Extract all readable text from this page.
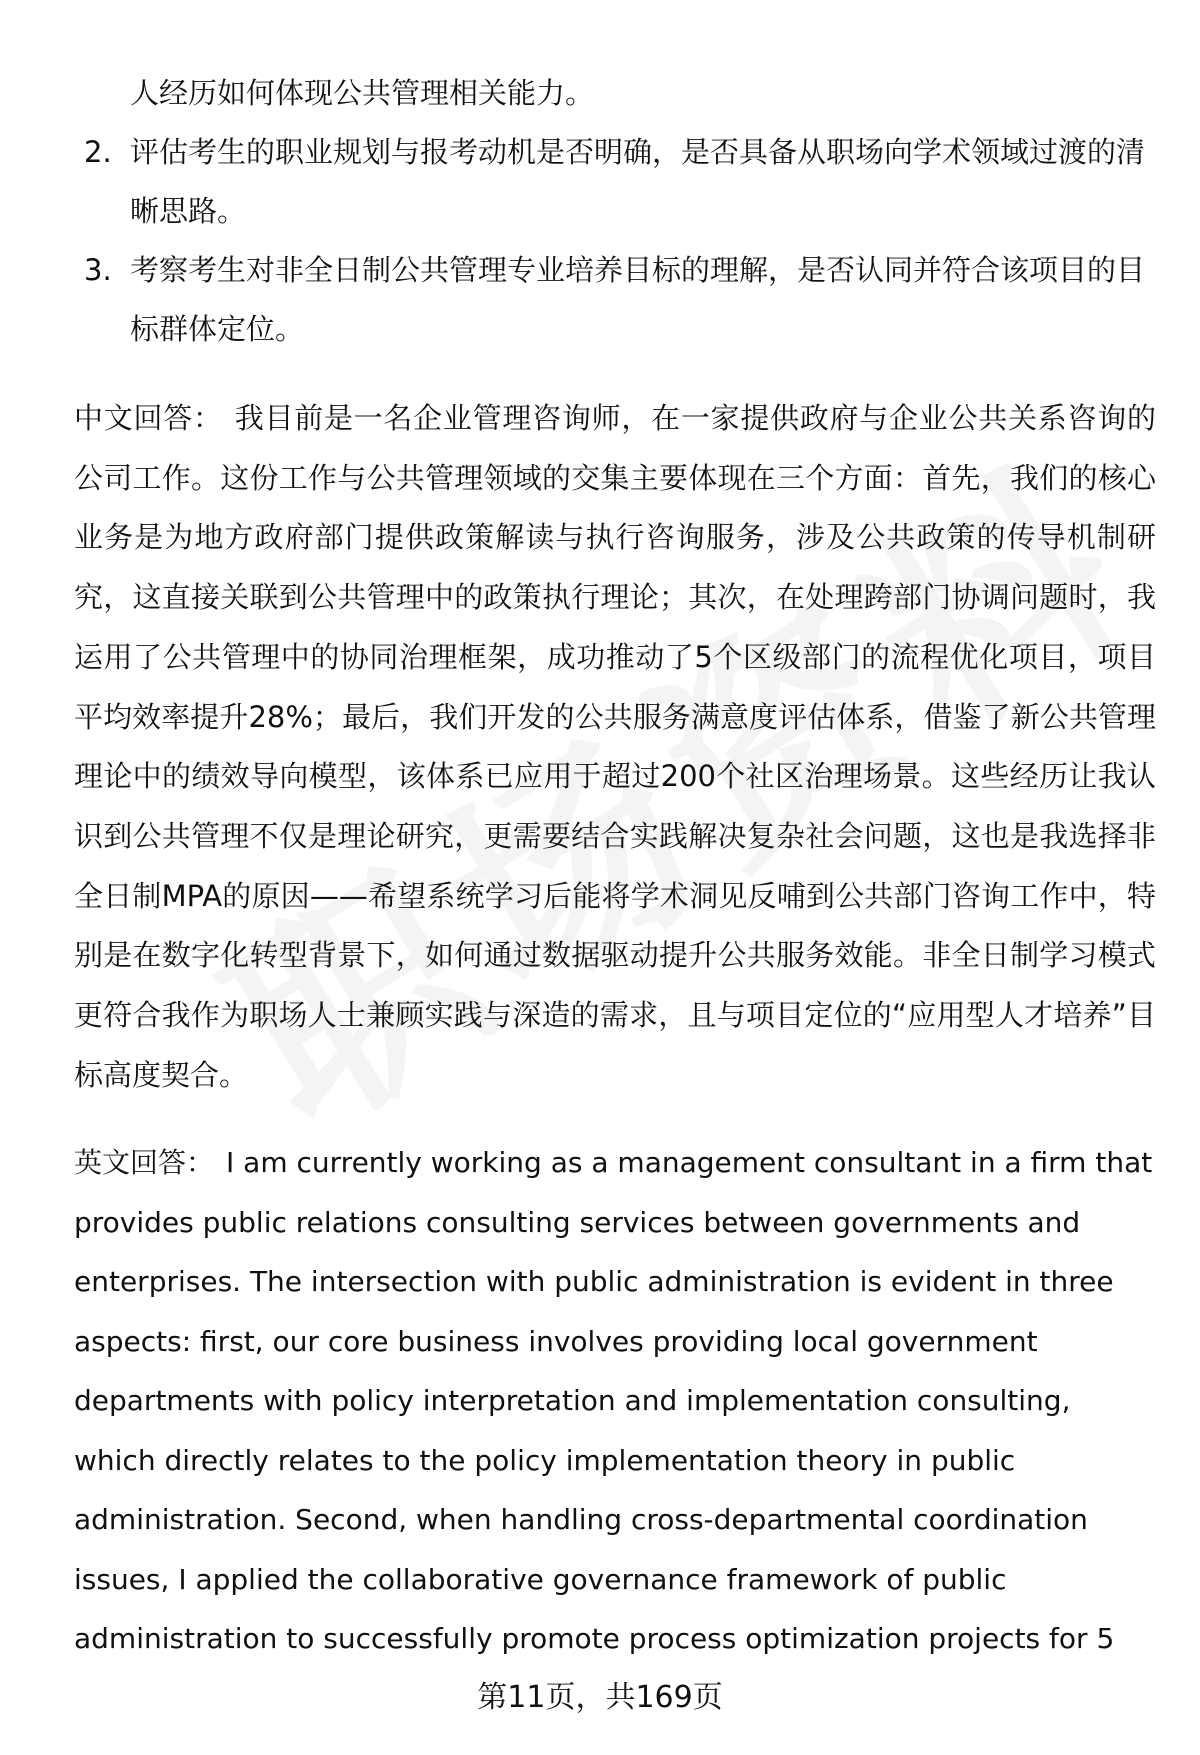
人经历如何体现公共管理相关能力。

2. 评估考生的职业规划与报考动机是否明确，是否具备从职场向学术领域过渡的清晰思路。
3. 考察考生对非全日制公共管理专业培养目标的理解，是否认同并符合该项目的目标群体定位。

中文回答： 我目前是一名企业管理咨询师，在一家提供政府与企业公共关系咨询的公司工作。这份工作与公共管理领域的交集主要体现在三个方面：首先，我们的核心业务是为地方政府部门提供政策解读与执行咨询服务，涉及公共政策的传导机制研究，这直接关联到公共管理中的政策执行理论；其次，在处理跨部门协调问题时，我运用了公共管理中的协同治理框架，成功推动了5个区级部门的流程优化项目，项目平均效率提升28%；最后，我们开发的公共服务满意度评估体系，借鉴了新公共管理理论中的绩效导向模型，该体系已应用于超过200个社区治理场景。这些经历让我认识到公共管理不仅是理论研究，更需要结合实践解决复杂社会问题，这也是我选择非全日制MPA的原因——希望系统学习后能将学术洞见反哺到公共部门咨询工作中，特别是在数字化转型背景下，如何通过数据驱动提升公共服务效能。非全日制学习模式更符合我作为职场人士兼顾实践与深造的需求，且与项目定位的“应用型人才培养”目标高度契合。

英文回答： I am currently working as a management consultant in a firm that provides public relations consulting services between governments and enterprises. The intersection with public administration is evident in three aspects: first, our core business involves providing local government departments with policy interpretation and implementation consulting, which directly relates to the policy implementation theory in public administration. Second, when handling cross-departmental coordination issues, I applied the collaborative governance framework of public administration to successfully promote process optimization projects for 5

第11页，共169页
